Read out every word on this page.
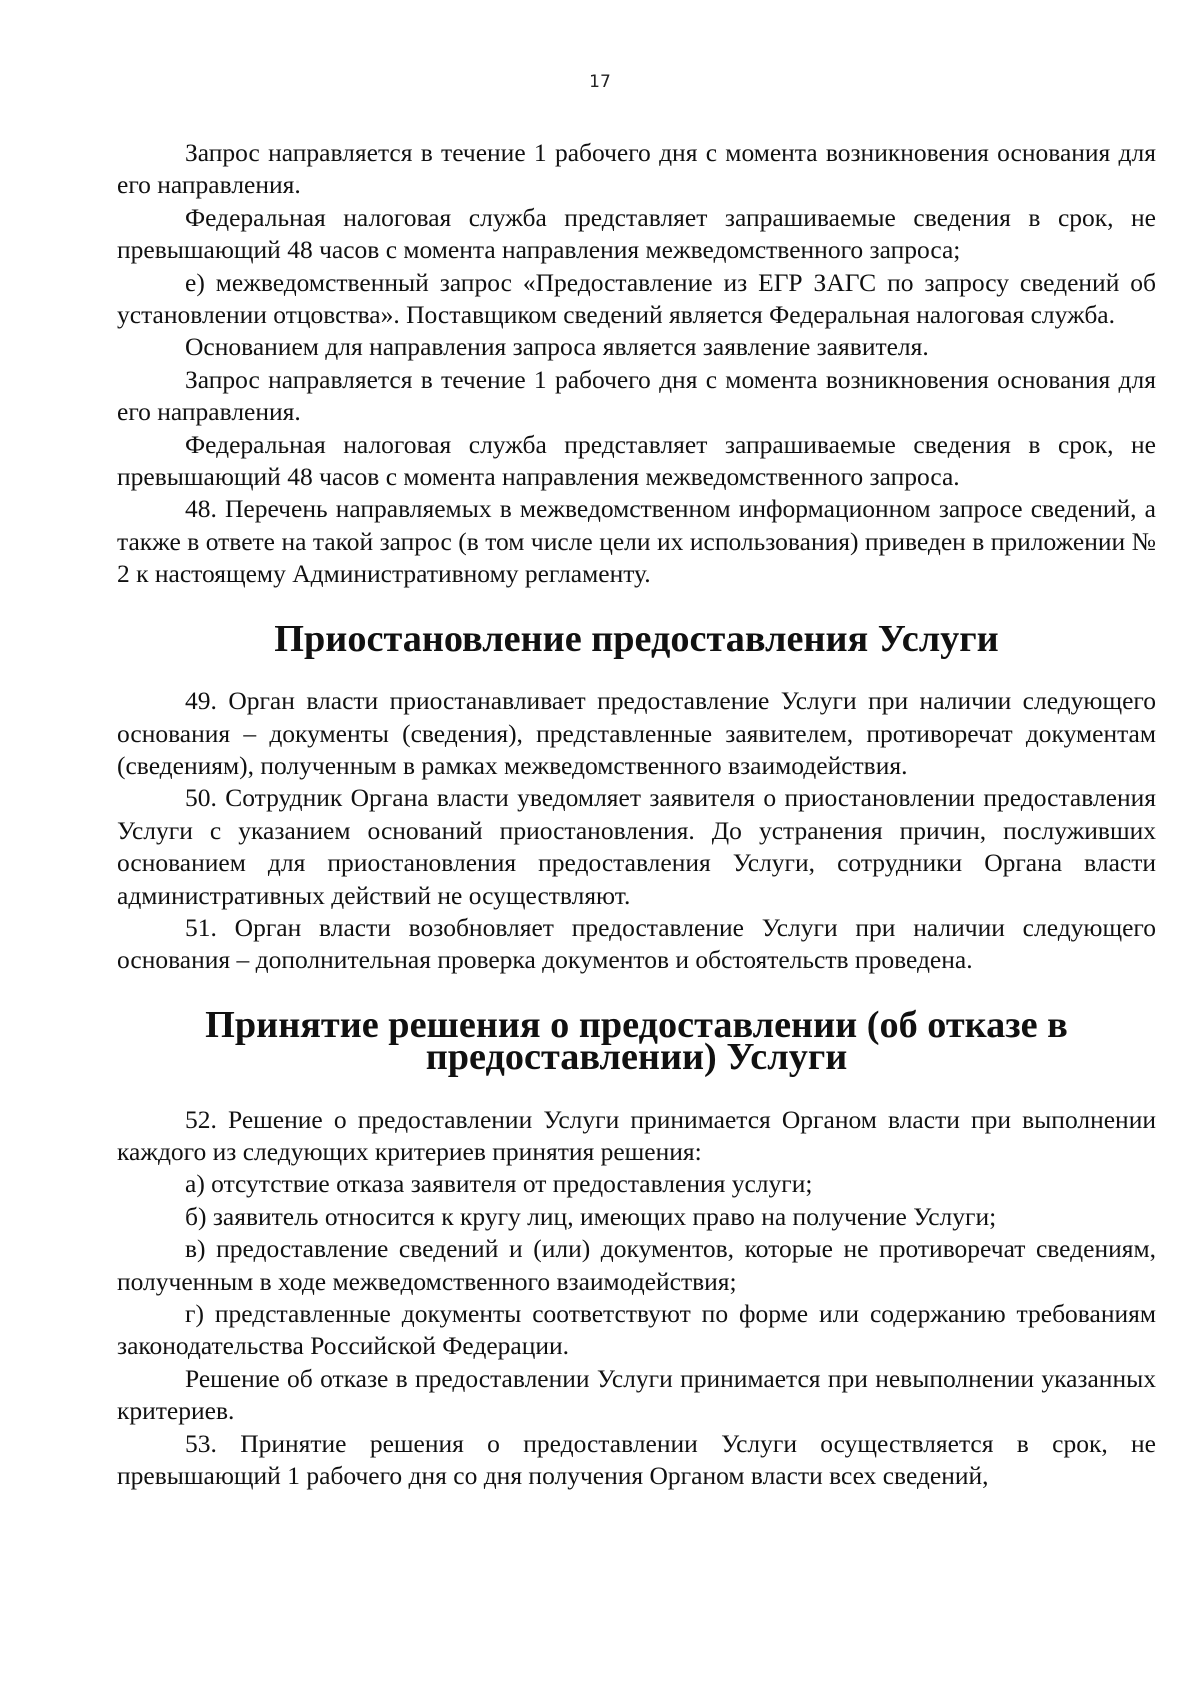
17

Запрос направляется в течение 1 рабочего дня с момента возникновения основания для его направления.

Федеральная налоговая служба представляет запрашиваемые сведения в срок, не превышающий 48 часов с момента направления межведомственного запроса;

е) межведомственный запрос «Предоставление из ЕГР ЗАГС по запросу сведений об установлении отцовства». Поставщиком сведений является Федеральная налоговая служба.

Основанием для направления запроса является заявление заявителя.

Запрос направляется в течение 1 рабочего дня с момента возникновения основания для его направления.

Федеральная налоговая служба представляет запрашиваемые сведения в срок, не превышающий 48 часов с момента направления межведомственного запроса.

48. Перечень направляемых в межведомственном информационном запросе сведений, а также в ответе на такой запрос (в том числе цели их использования) приведен в приложении № 2 к настоящему Административному регламенту.

Приостановление предоставления Услуги

49. Орган власти приостанавливает предоставление Услуги при наличии следующего основания – документы (сведения), представленные заявителем, противоречат документам (сведениям), полученным в рамках межведомственного взаимодействия.

50. Сотрудник Органа власти уведомляет заявителя о приостановлении предоставления Услуги с указанием оснований приостановления. До устранения причин, послуживших основанием для приостановления предоставления Услуги, сотрудники Органа власти административных действий не осуществляют.

51. Орган власти возобновляет предоставление Услуги при наличии следующего основания – дополнительная проверка документов и обстоятельств проведена.

Принятие решения о предоставлении (об отказе в предоставлении) Услуги

52. Решение о предоставлении Услуги принимается Органом власти при выполнении каждого из следующих критериев принятия решения:

а) отсутствие отказа заявителя от предоставления услуги;

б) заявитель относится к кругу лиц, имеющих право на получение Услуги;

в) предоставление сведений и (или) документов, которые не противоречат сведениям, полученным в ходе межведомственного взаимодействия;

г) представленные документы соответствуют по форме или содержанию требованиям законодательства Российской Федерации.

Решение об отказе в предоставлении Услуги принимается при невыполнении указанных критериев.

53. Принятие решения о предоставлении Услуги осуществляется в срок, не превышающий 1 рабочего дня со дня получения Органом власти всех сведений,
